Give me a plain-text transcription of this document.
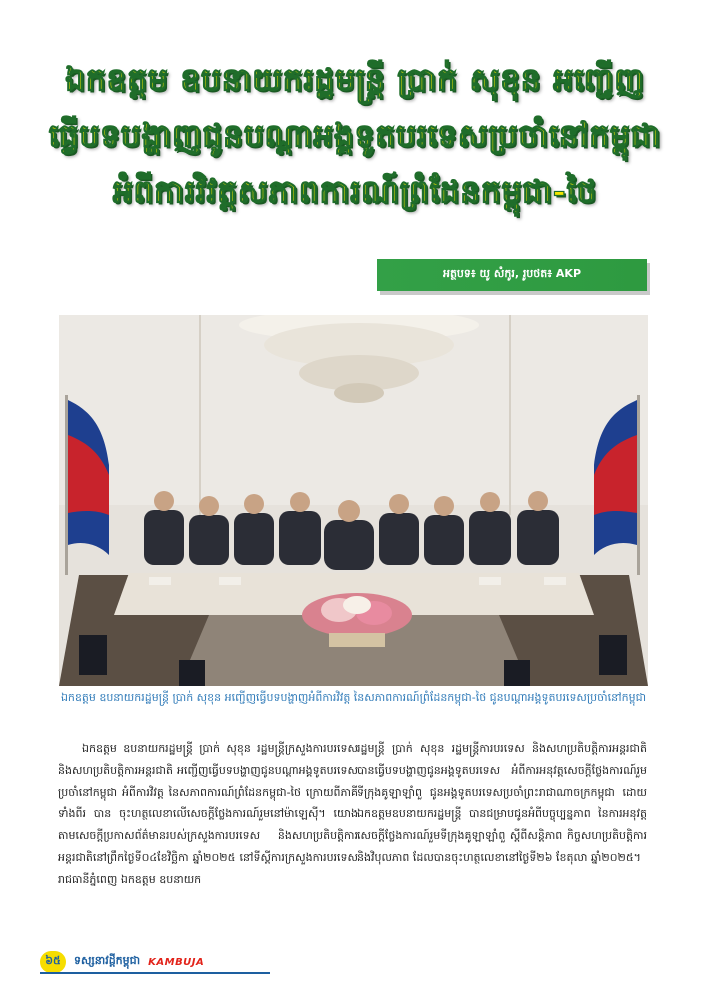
ឯកឧត្តម ឧបនាយករដ្ឋមន្ត្រី ប្រាក់ សុខុន អញ្ជើញ
ធ្វើបទបង្ហាញជូនបណ្តាអង្គទូតបរទេសប្រចាំនៅកម្ពុជា
អំពីការវិវត្តសភាពការណ៍ព្រំដែនកម្ពុជា-ថៃ
អត្ថបទ៖ យូ សំកូរ, រូបថត៖ AKP
ឯកឧត្តម ឧបនាយករដ្ឋមន្ត្រី ប្រាក់ សុខុន អញ្ជើញធ្វើបទបង្ហាញអំពីការវិវត្ត នៃសភាពការណ៍ព្រំដែនកម្ពុជា-ថៃ ជូនបណ្តាអង្គទូតបរទេសប្រចាំនៅកម្ពុជា

ឯកឧត្តម ឧបនាយករដ្ឋមន្ត្រី ប្រាក់ សុខុន រដ្ឋមន្ត្រីក្រសួងការបរទេស និងសហប្រតិបត្តិការអន្តរជាតិ អញ្ជើញធ្វើបទបង្ហាញជូនបណ្តាអង្គទូតបរទេសប្រចាំនៅកម្ពុជា អំពីការវិវត្ត នៃសភាពការណ៍ព្រំដែនកម្ពុជា-ថៃ ក្រោយពីភាគីទាំងពីរ បាន ចុះហត្ថលេខាលើសេចក្តីថ្លែងការណ៍រួមនៅម៉ាឡេស៊ី។ យោងតាមសេចក្តីប្រកាសព័ត៌មានរបស់ក្រសួងការបរទេស និងសហប្រតិបត្តិការអន្តរជាតិនៅព្រឹកថ្ងៃទី០៤ខែវិច្ឆិកា ឆ្នាំ២០២៥ នៅទីស្តីការក្រសួងការបរទេសរាជធានីភ្នំពេញ ឯកឧត្តម ឧបនាយក

រដ្ឋមន្ត្រី ប្រាក់ សុខុន រដ្ឋមន្ត្រីការបរទេស និងសហប្រតិបត្តិការអន្តរជាតិ បានធ្វើបទបង្ហាញជូនអង្គទូតបរទេស អំពីការអនុវត្តសេចក្តីថ្លែងការណ៍រួម ទីក្រុងគូឡាឡាំពួ ជូនអង្គទូតបរទេសប្រចាំព្រះរាជាណាចក្រកម្ពុជា ដោយឯកឧត្តមឧបនាយករដ្ឋមន្ត្រី បានជម្រាបជូនអំពីបច្ចុប្បន្នភាព នៃការអនុវត្តសេចក្តីថ្លែងការណ៍រួមទីក្រុងគូឡាឡាំពួ ស្តីពីសន្តិភាព កិច្ចសហប្រតិបត្តិការ និងវិបុលភាព ដែលបានចុះហត្ថលេខានៅថ្ងៃទី២៦ ខែតុលា ឆ្នាំ២០២៥។

៦៥	ទស្សនាវដ្តីកម្ពុជា KAMBUJA
